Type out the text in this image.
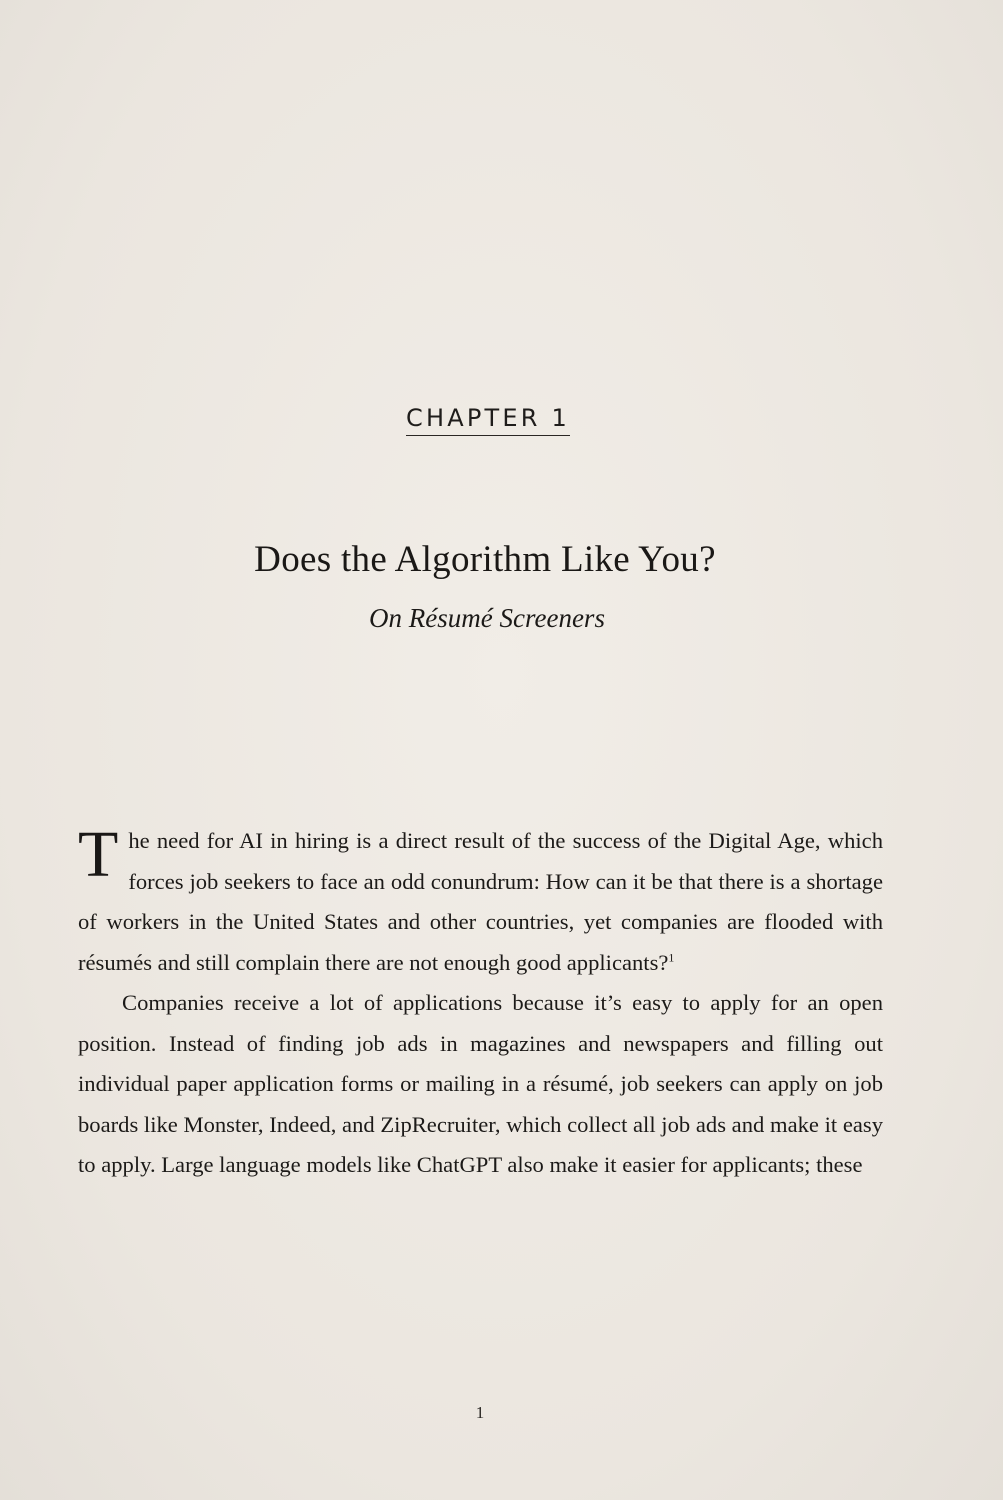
CHAPTER 1
Does the Algorithm Like You?
On Résumé Screeners

The need for AI in hiring is a direct result of the success of the Digital Age, which forces job seekers to face an odd conundrum: How can it be that there is a shortage of workers in the United States and other countries, yet companies are flooded with résumés and still complain there are not enough good applicants?$^1$

Companies receive a lot of applications because it’s easy to apply for an open position. Instead of finding job ads in magazines and newspapers and filling out individual paper application forms or mailing in a résumé, job seekers can apply on job boards like Monster, Indeed, and ZipRecruiter, which collect all job ads and make it easy to apply. Large language models like ChatGPT also make it easier for applicants; these

1
